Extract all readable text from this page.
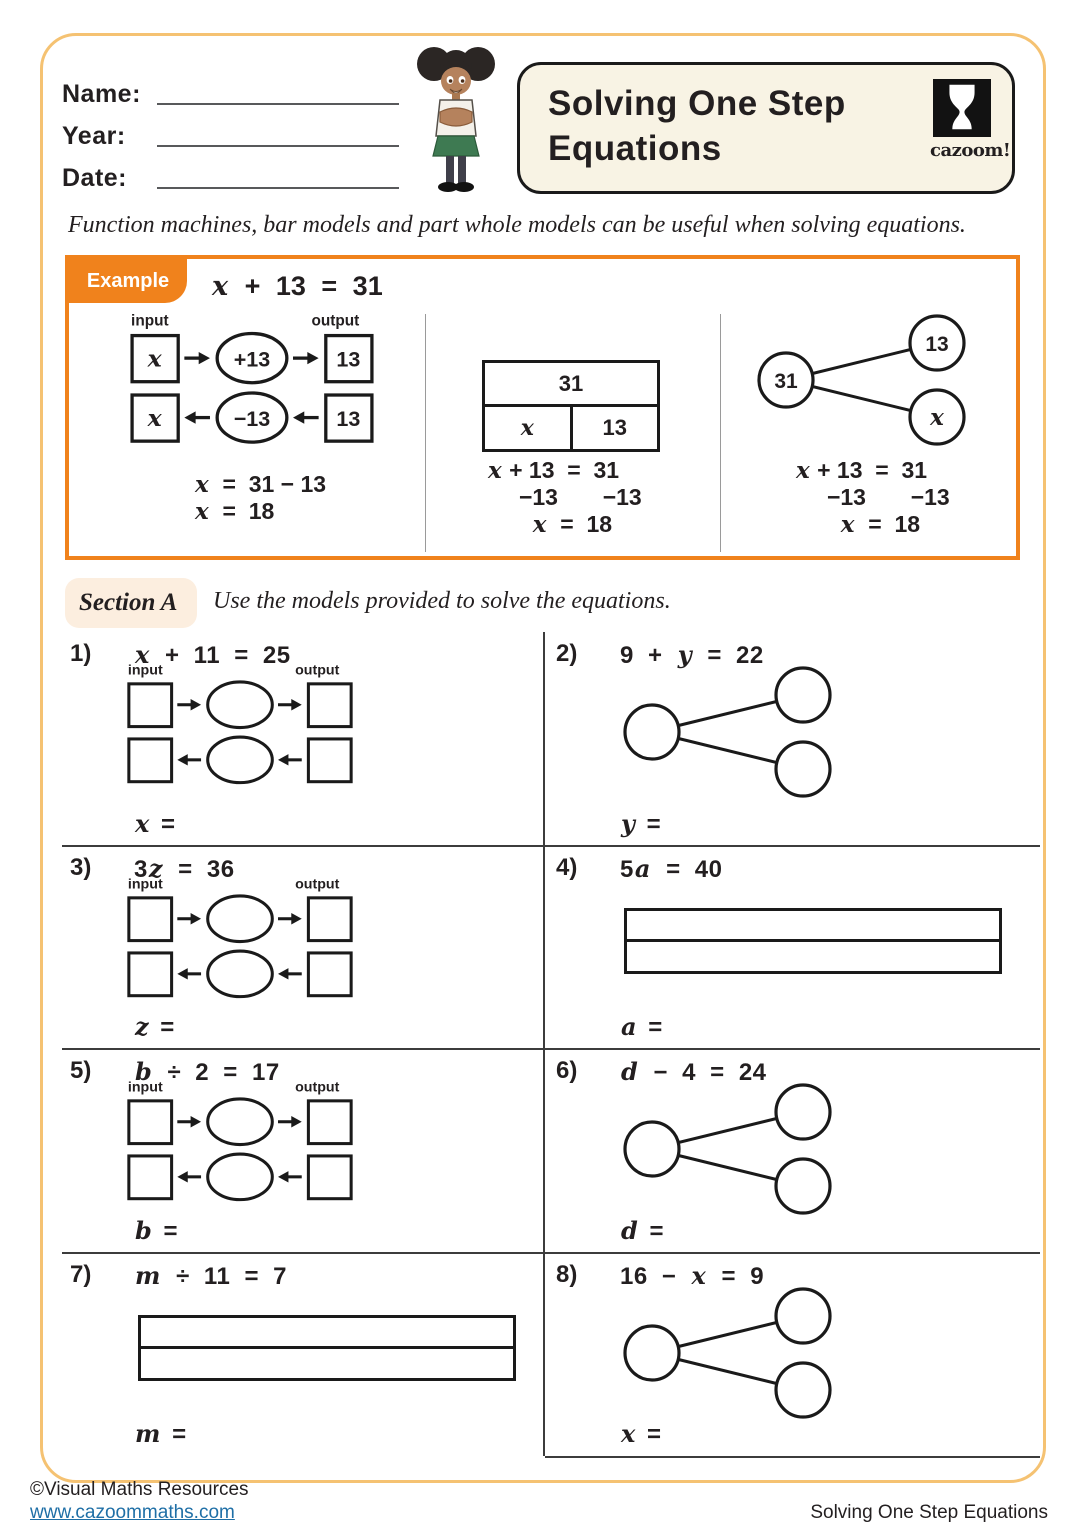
Name:
Year:
Date:
Solving One Step
Equations	cazoom!
Function machines, bar models and part whole models can be useful when solving equations.
Example	x + 13 = 31
input	output
x	+13	13
x	−13	13
x  =  31 − 13
x  =  18
31
x	13
x + 13  =  31
−13       −13
x  =  18
31
13
x
x + 13  =  31
−13       −13
x  =  18
Section A	Use the models provided to solve the equations.
1) x + 11 = 25
input	output
x =
2) 9 + y = 22
y =
3) 3z = 36
input	output
z =
4) 5a = 40
a =
5) b ÷ 2 = 17
input	output
b =
6) d − 4 = 24
d =
7) m ÷ 11 = 7
m =
8) 16 − x = 9
x =
©Visual Maths Resources
www.cazoommaths.com	Solving One Step Equations
